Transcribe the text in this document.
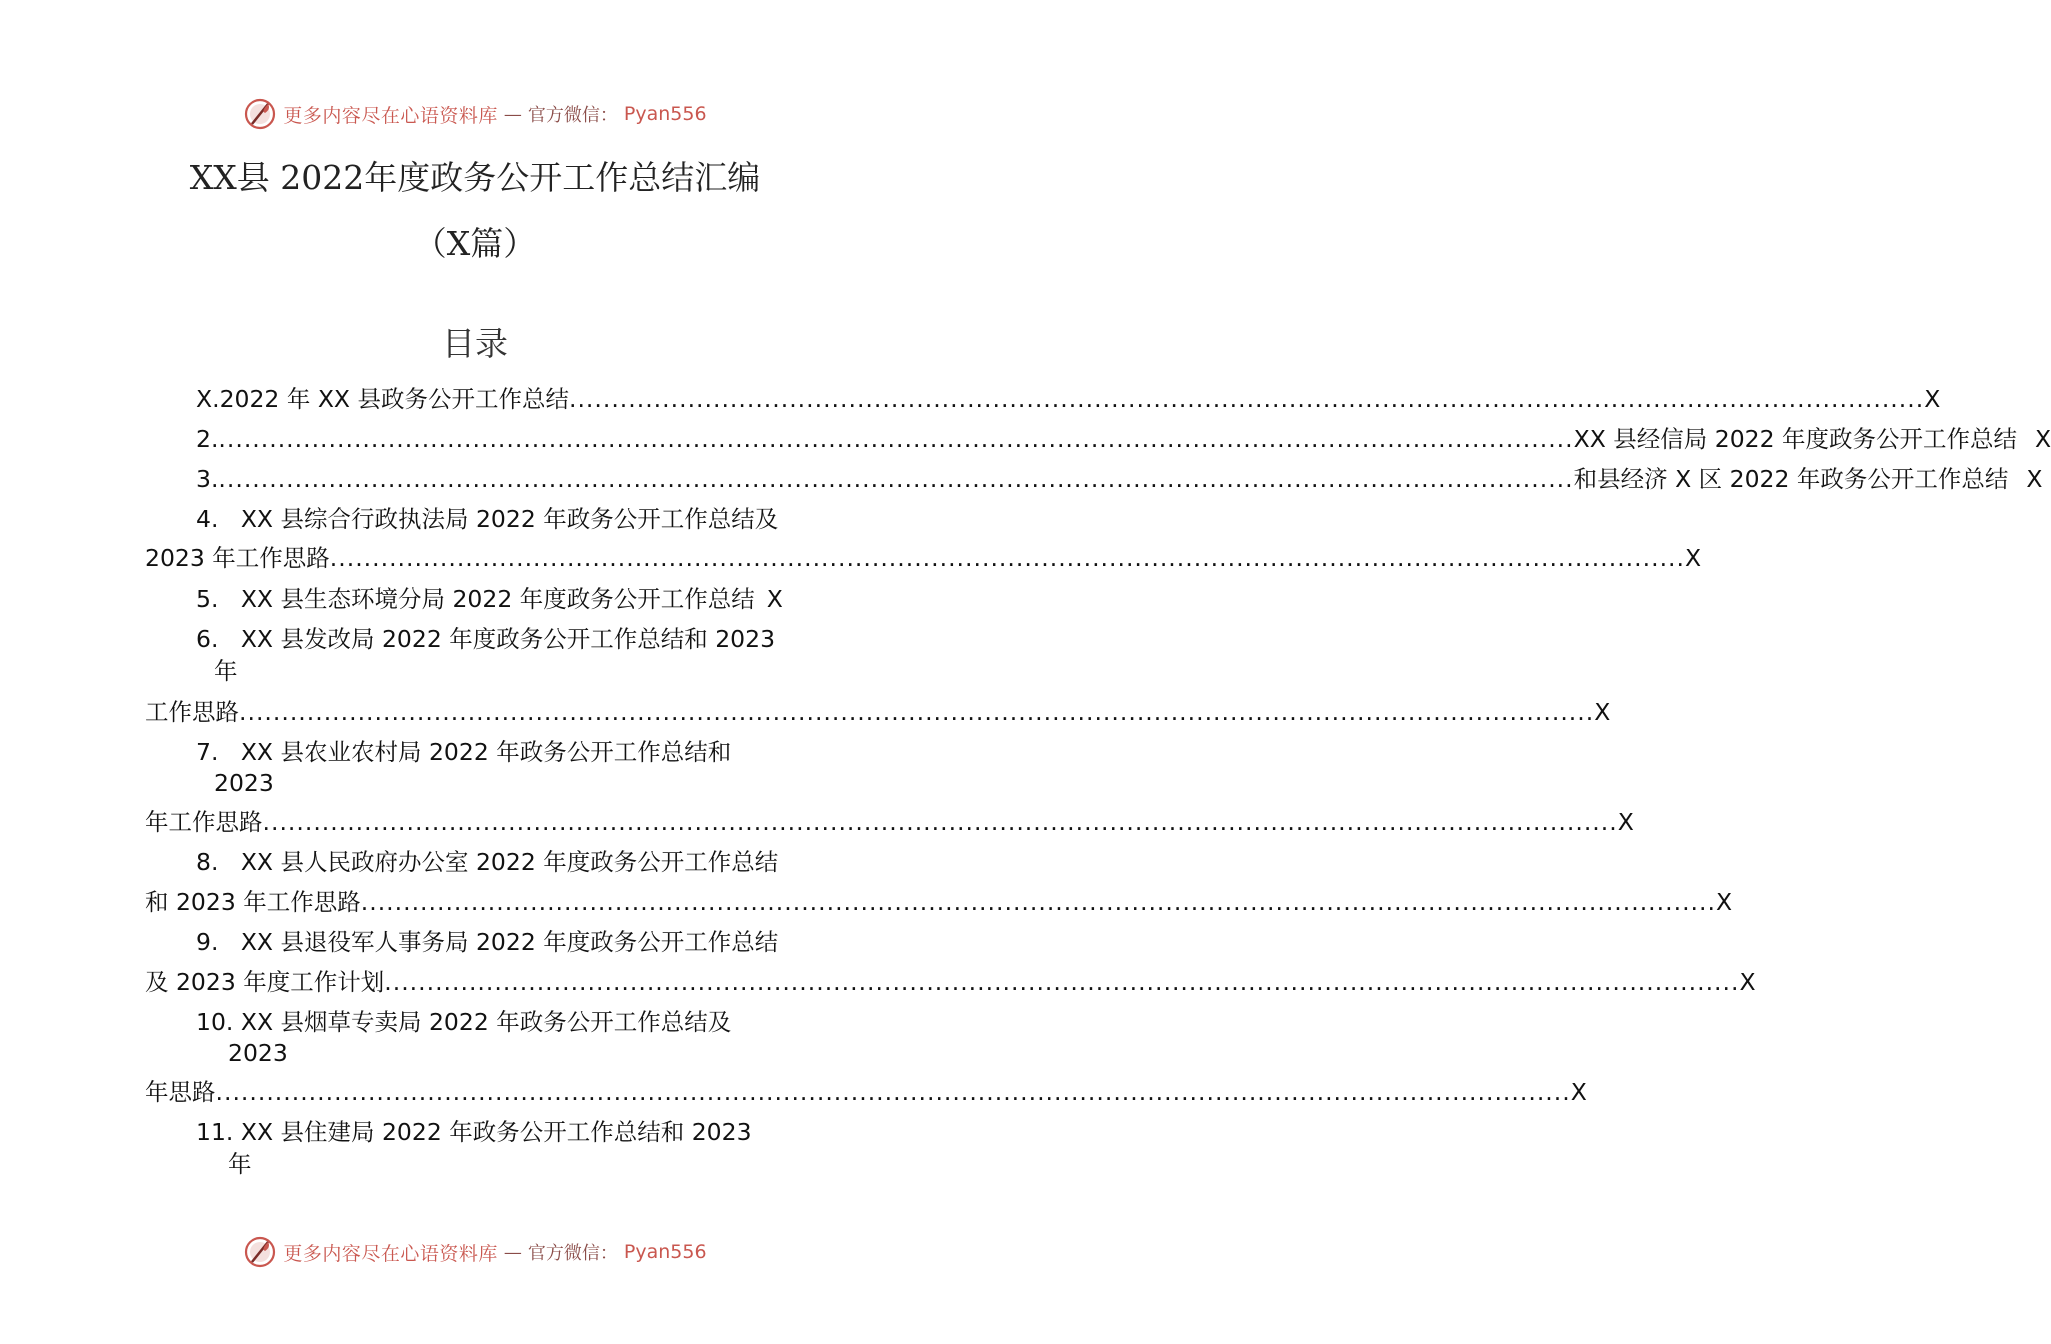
更多内容尽在心语资料库 — 官方微信： Pyan556
XX县 2022年度政务公开工作总结汇编
（X篇）
目录
X.2022 年 XX 县政务公开工作总结 ................................................................................................................................................................ X
2. ................................................................................................................................................................ XX 县经信局 2022 年度政务公开工作总结 X
3. ................................................................................................................................................................ 和县经济 X 区 2022 年政务公开工作总结 X
4.   XX 县综合行政执法局 2022 年政务公开工作总结及
2023 年工作思路 ................................................................................................................................................................ X
5.   XX 县生态环境分局 2022 年度政务公开工作总结 X
6.   XX 县发改局 2022 年度政务公开工作总结和 2023
年
工作思路 ................................................................................................................................................................ X
7.   XX 县农业农村局 2022 年政务公开工作总结和
2023
年工作思路 ................................................................................................................................................................ X
8.   XX 县人民政府办公室 2022 年度政务公开工作总结
和 2023 年工作思路 ................................................................................................................................................................ X
9.   XX 县退役军人事务局 2022 年度政务公开工作总结
及 2023 年度工作计划 ................................................................................................................................................................ X
10. XX 县烟草专卖局 2022 年政务公开工作总结及
2023
年思路 ................................................................................................................................................................ X
11. XX 县住建局 2022 年政务公开工作总结和 2023
年
更多内容尽在心语资料库 — 官方微信： Pyan556
